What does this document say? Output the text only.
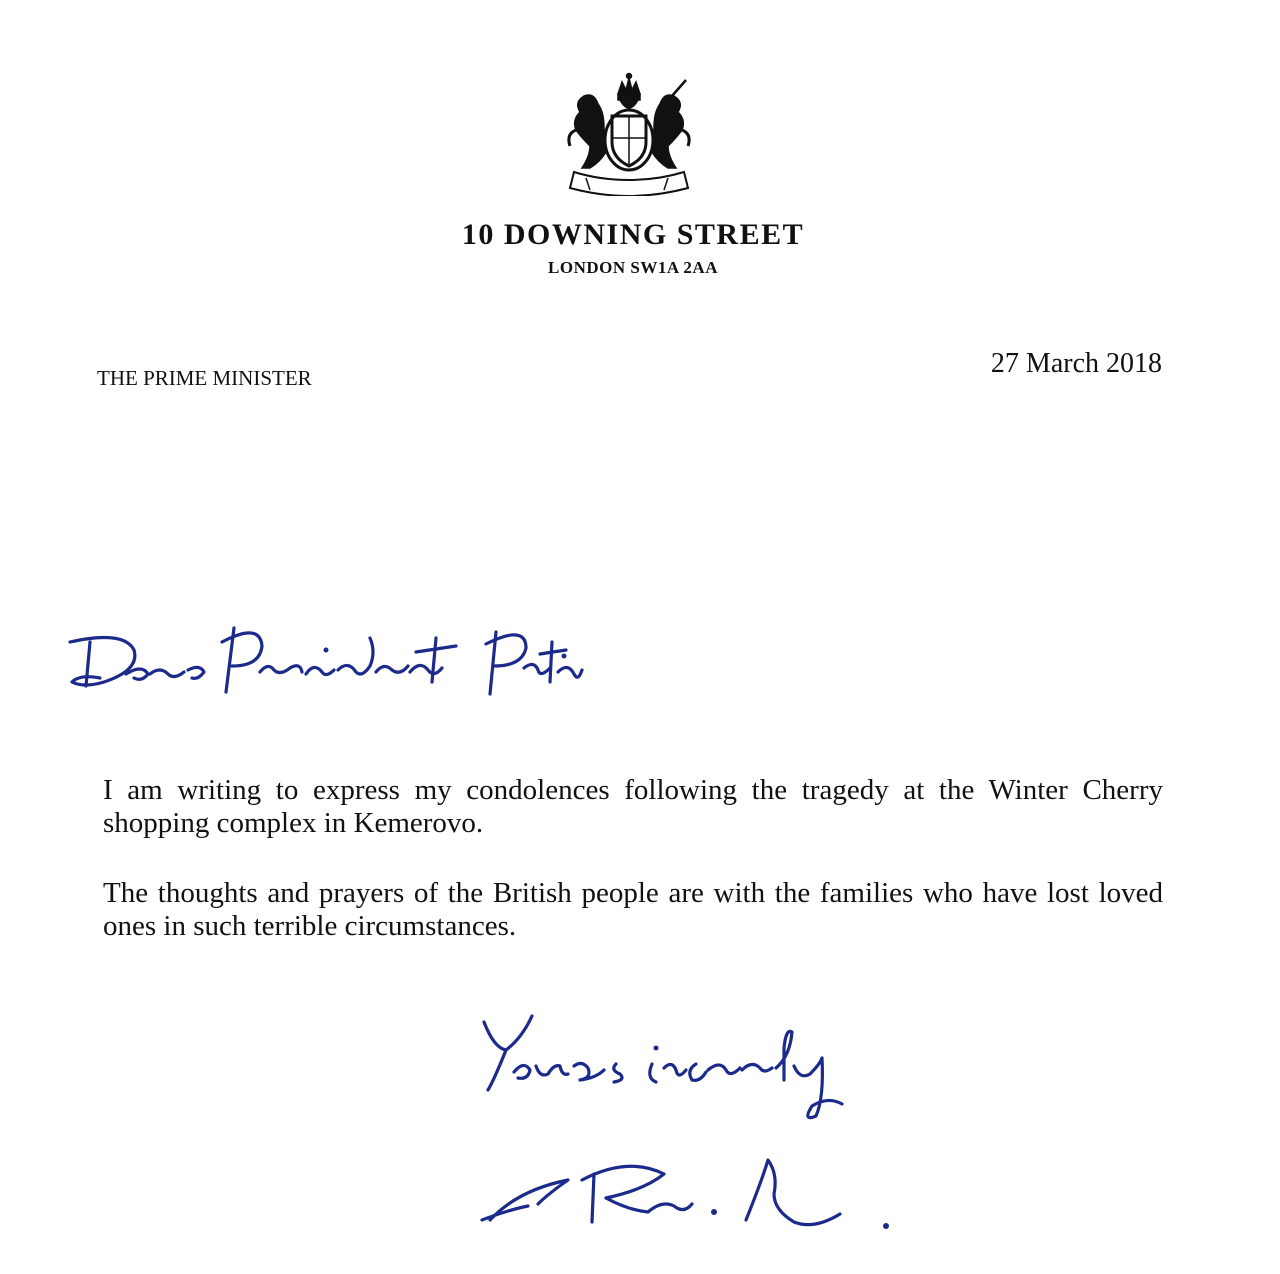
10 DOWNING STREET
LONDON SW1A 2AA
THE PRIME MINISTER	27 March 2018

I am writing to express my condolences following the tragedy at the Winter Cherry shopping complex in Kemerovo.

The thoughts and prayers of the British people are with the families who have lost loved ones in such terrible circumstances.
